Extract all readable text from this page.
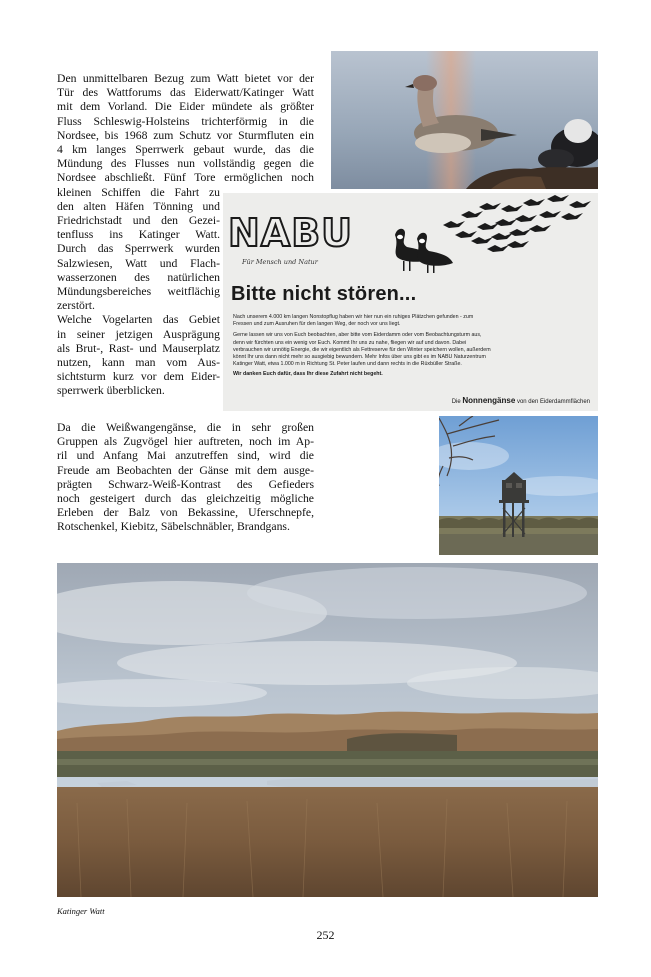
Den unmittelbaren Bezug zum Watt bietet vor der
Tür des Wattforums das Eiderwatt/Katinger Watt
mit dem Vorland. Die Eider mündete als größter
Fluss Schleswig-Holsteins trichterförmig in die
Nordsee, bis 1968 zum Schutz vor Sturmfluten ein
4 km langes Sperrwerk gebaut wurde, das die
Mündung des Flusses nun vollständig gegen die
Nordsee abschließt. Fünf Tore ermöglichen noch
kleinen Schiffen die Fahrt zu
den alten Häfen Tönning und
Friedrichstadt und den Gezei-
tenfluss ins Katinger Watt.
Durch das Sperrwerk wurden
Salzwiesen, Watt und Flach-
wasserzonen des natürlichen
Mündungsbereiches weitflächig
zerstört.
Welche Vogelarten das Gebiet
in seiner jetzigen Ausprägung
als Brut-, Rast- und Mauserplatz
nutzen, kann man vom Aus-
sichtsturm kurz vor dem Eider-
sperrwerk überblicken.
Da die Weißwangengänse, die in sehr großen
Gruppen als Zugvögel hier auftreten, noch im Ap-
ril und Anfang Mai anzutreffen sind, wird die
Freude am Beobachten der Gänse mit dem ausge-
prägten Schwarz-Weiß-Kontrast des Gefieders
noch gesteigert durch das gleichzeitig mögliche
Erleben der Balz von Bekassine, Uferschnepfe,
Rotschenkel, Kiebitz, Säbelschnäbler, Brandgans.
NABU
Für Mensch und Natur
Bitte nicht stören...
Nach unserem 4.000 km langen Nonstopflug haben wir hier nun ein ruhiges Plätzchen gefunden - zum
Fressen und zum Ausruhen für den langen Weg, der noch vor uns liegt.
Gerne lassen wir uns von Euch beobachten, aber bitte vom Eiderdamm oder vom Beobachtungsturm aus,
denn wir fürchten uns ein wenig vor Euch. Kommt Ihr uns zu nahe, fliegen wir auf und davon. Dabei
verbrauchen wir unnötig Energie, die wir eigentlich als Fettreserve für den Winter speichern wollen, außerdem
könnt Ihr uns dann nicht mehr so ausgiebig bewundern. Mehr Infos über uns gibt es im NABU Naturzentrum
Katinger Watt, etwa 1.000 m in Richtung St. Peter laufen und dann rechts in die Rüxbüller Straße.
Wir danken Euch dafür, dass Ihr diese Zufahrt nicht begeht.
Die Nonnengänse von den Eiderdammflächen
Katinger Watt
252
